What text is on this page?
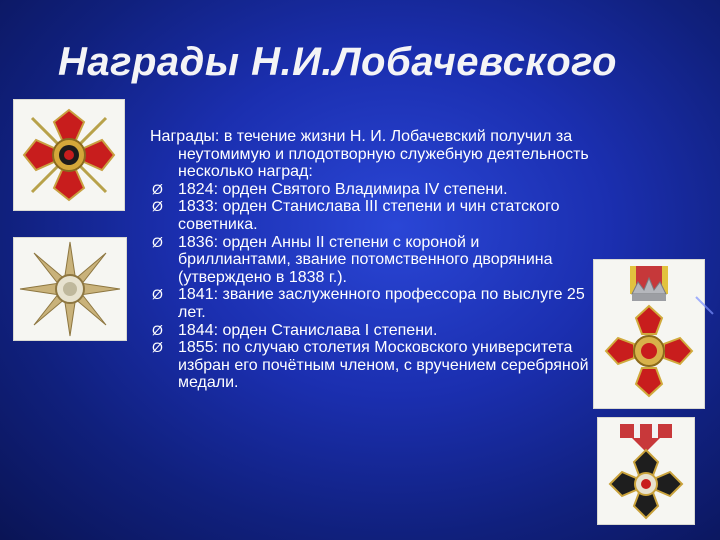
Награды Н.И.Лобачевского
Награды: в течение жизни Н. И. Лобачевский получил за неутомимую и плодотворную служебную деятельность несколько наград:
Ø 1824: орден Святого Владимира IV степени.
Ø 1833: орден Станислава III степени и чин статского советника.
Ø 1836: орден Анны II степени с короной и бриллиантами, звание потомственного дворянина (утверждено в 1838 г.).
Ø 1841: звание заслуженного профессора по выслуге 25 лет.
Ø 1844: орден Станислава I степени.
Ø 1855: по случаю столетия Московского университета избран его почётным членом, с вручением серебряной медали.
